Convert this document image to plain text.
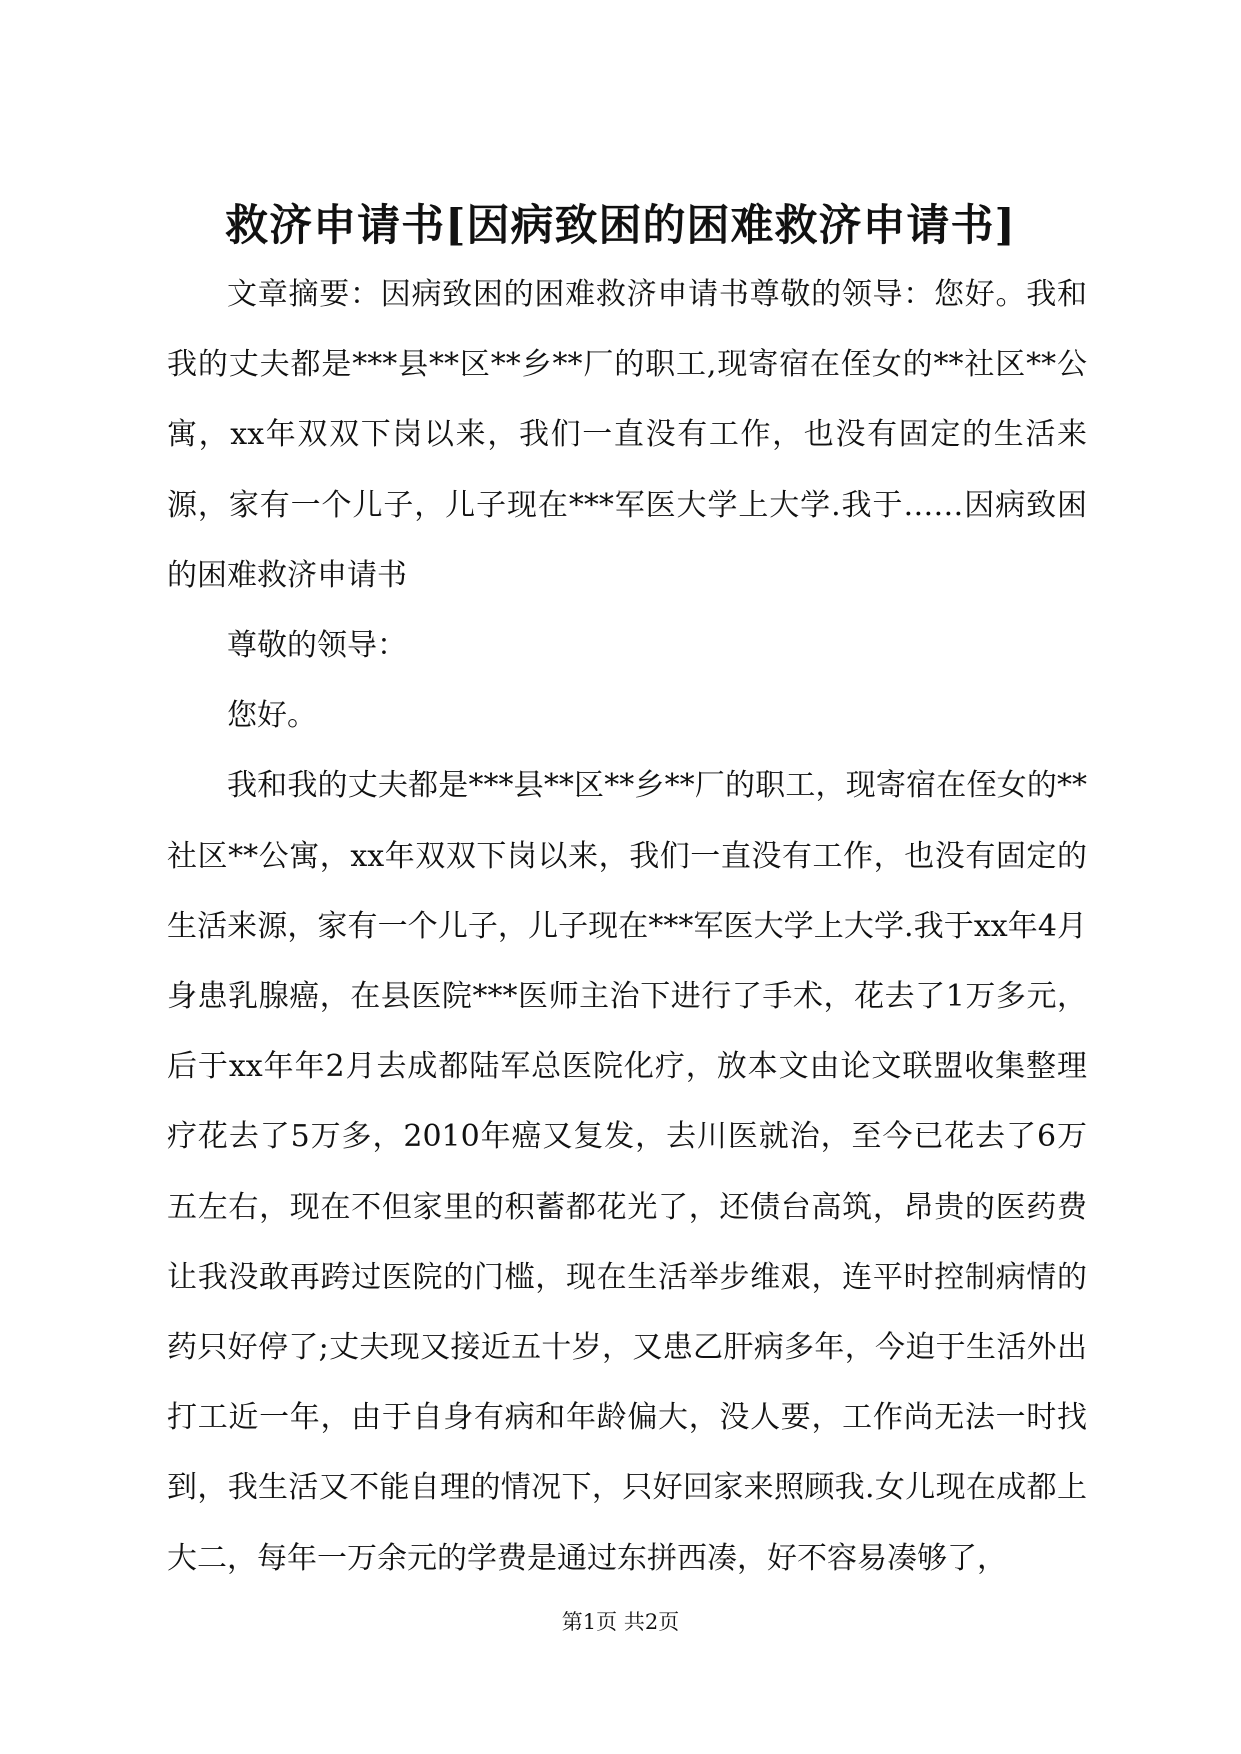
救济申请书[因病致困的困难救济申请书]

文章摘要：因病致困的困难救济申请书尊敬的领导：您好。我和我的丈夫都是***县**区**乡**厂的职工,现寄宿在侄女的**社区**公寓，xx年双双下岗以来，我们一直没有工作，也没有固定的生活来源，家有一个儿子，儿子现在***军医大学上大学.我于……因病致困的困难救济申请书

尊敬的领导：

您好。

我和我的丈夫都是***县**区**乡**厂的职工，现寄宿在侄女的**社区**公寓，xx年双双下岗以来，我们一直没有工作，也没有固定的生活来源，家有一个儿子，儿子现在***军医大学上大学.我于xx年4月身患乳腺癌，在县医院***医师主治下进行了手术，花去了1万多元，后于xx年年2月去成都陆军总医院化疗，放本文由论文联盟收集整理疗花去了5万多，2010年癌又复发，去川医就治，至今已花去了6万五左右，现在不但家里的积蓄都花光了，还债台高筑，昂贵的医药费让我没敢再跨过医院的门槛，现在生活举步维艰，连平时控制病情的药只好停了;丈夫现又接近五十岁，又患乙肝病多年，今迫于生活外出打工近一年，由于自身有病和年龄偏大，没人要，工作尚无法一时找到，我生活又不能自理的情况下，只好回家来照顾我.女儿现在成都上大二，每年一万余元的学费是通过东拼西凑，好不容易凑够了，

第1页 共2页
